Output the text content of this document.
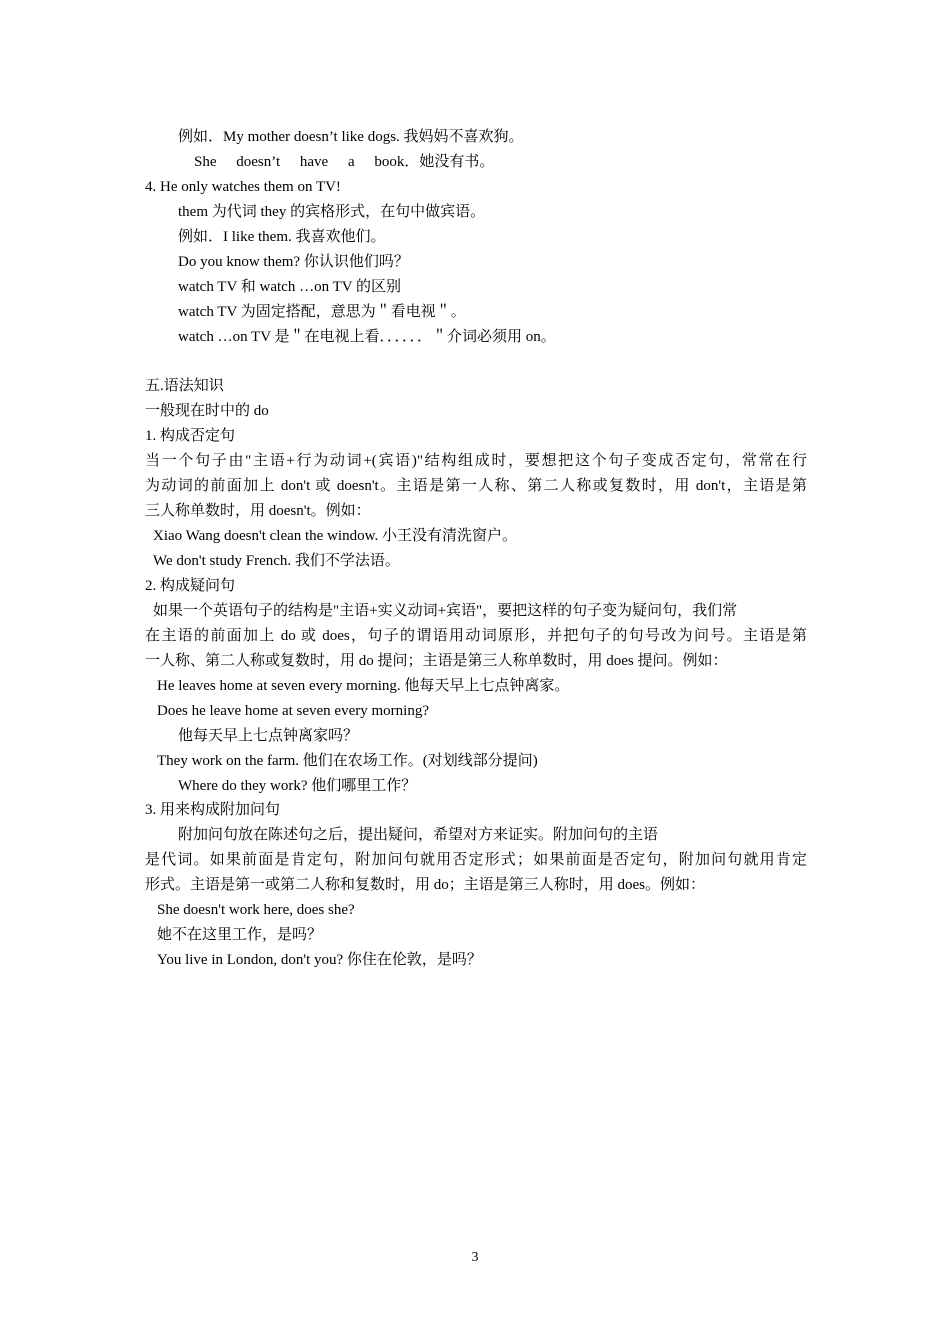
例如．My mother doesn’t like dogs. 我妈妈不喜欢狗。
She doesn’t have a book．她没有书。
4. He only watches them on TV!
them 为代词 they 的宾格形式，在句中做宾语。
例如．I like them. 我喜欢他们。
Do you know them? 你认识他们吗？
watch TV 和 watch …on TV 的区别
watch TV 为固定搭配，意思为＂看电视＂。
watch …on TV 是＂在电视上看．．．．．．＂介词必须用 on。
五.语法知识
一般现在时中的 do
1. 构成否定句
当一个句子由"主语+行为动词+(宾语)"结构组成时，要想把这个句子变成否定句，常常在行
为动词的前面加上 don't 或 doesn't。主语是第一人称、第二人称或复数时，用 don't，主语是第
三人称单数时，用 doesn't。例如：
Xiao Wang doesn't clean the window. 小王没有清洗窗户。
We don't study French. 我们不学法语。
2. 构成疑问句
如果一个英语句子的结构是"主语+实义动词+宾语"，要把这样的句子变为疑问句，我们常
在主语的前面加上 do 或 does，句子的谓语用动词原形，并把句子的句号改为问号。主语是第
一人称、第二人称或复数时，用 do 提问；主语是第三人称单数时，用 does 提问。例如：
He leaves home at seven every morning. 他每天早上七点钟离家。
Does he leave home at seven every morning?
他每天早上七点钟离家吗？
They work on the farm. 他们在农场工作。(对划线部分提问)
Where do they work? 他们哪里工作？
3. 用来构成附加问句
附加问句放在陈述句之后，提出疑问，希望对方来证实。附加问句的主语
是代词。如果前面是肯定句，附加问句就用否定形式；如果前面是否定句，附加问句就用肯定
形式。主语是第一或第二人称和复数时，用 do；主语是第三人称时，用 does。例如：
She doesn't work here, does she?
她不在这里工作，是吗？
You live in London, don't you? 你住在伦敦，是吗？
3
